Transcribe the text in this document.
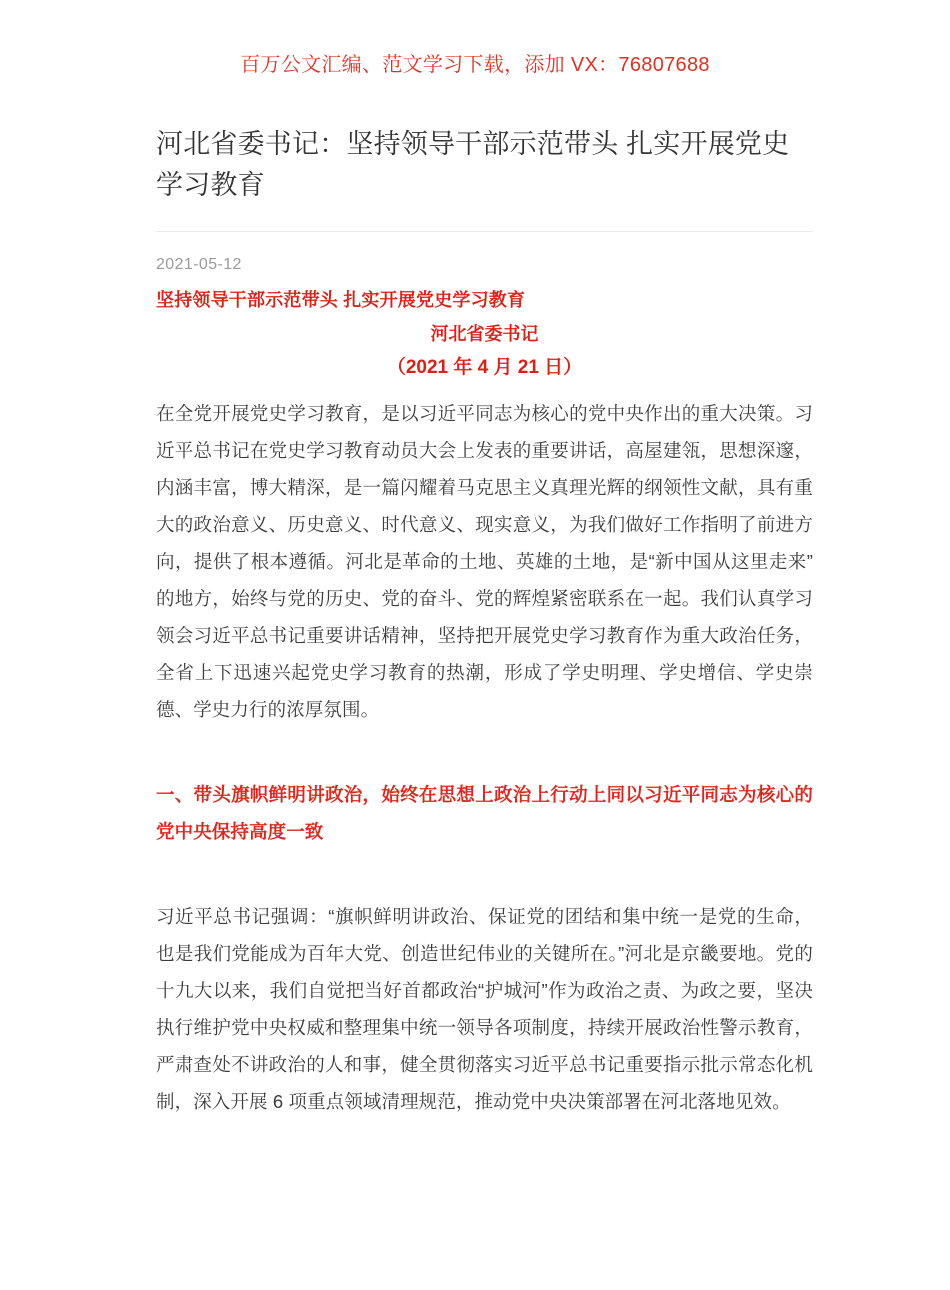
百万公文汇编、范文学习下载，添加 VX：76807688
河北省委书记：坚持领导干部示范带头 扎实开展党史学习教育
2021-05-12
坚持领导干部示范带头 扎实开展党史学习教育
河北省委书记
（2021 年 4 月 21 日）

在全党开展党史学习教育，是以习近平同志为核心的党中央作出的重大决策。习近平总书记在党史学习教育动员大会上发表的重要讲话，高屋建瓴，思想深邃，内涵丰富，博大精深，是一篇闪耀着马克思主义真理光辉的纲领性文献，具有重大的政治意义、历史意义、时代意义、现实意义，为我们做好工作指明了前进方向，提供了根本遵循。河北是革命的土地、英雄的土地，是“新中国从这里走来”的地方，始终与党的历史、党的奋斗、党的辉煌紧密联系在一起。我们认真学习领会习近平总书记重要讲话精神，坚持把开展党史学习教育作为重大政治任务，全省上下迅速兴起党史学习教育的热潮，形成了学史明理、学史增信、学史崇德、学史力行的浓厚氛围。

一、带头旗帜鲜明讲政治，始终在思想上政治上行动上同以习近平同志为核心的党中央保持高度一致

习近平总书记强调：“旗帜鲜明讲政治、保证党的团结和集中统一是党的生命，也是我们党能成为百年大党、创造世纪伟业的关键所在。”河北是京畿要地。党的十九大以来，我们自觉把当好首都政治“护城河”作为政治之责、为政之要，坚决执行维护党中央权威和整理集中统一领导各项制度，持续开展政治性警示教育，严肃查处不讲政治的人和事，健全贯彻落实习近平总书记重要指示批示常态化机制，深入开展 6 项重点领域清理规范，推动党中央决策部署在河北落地见效。
